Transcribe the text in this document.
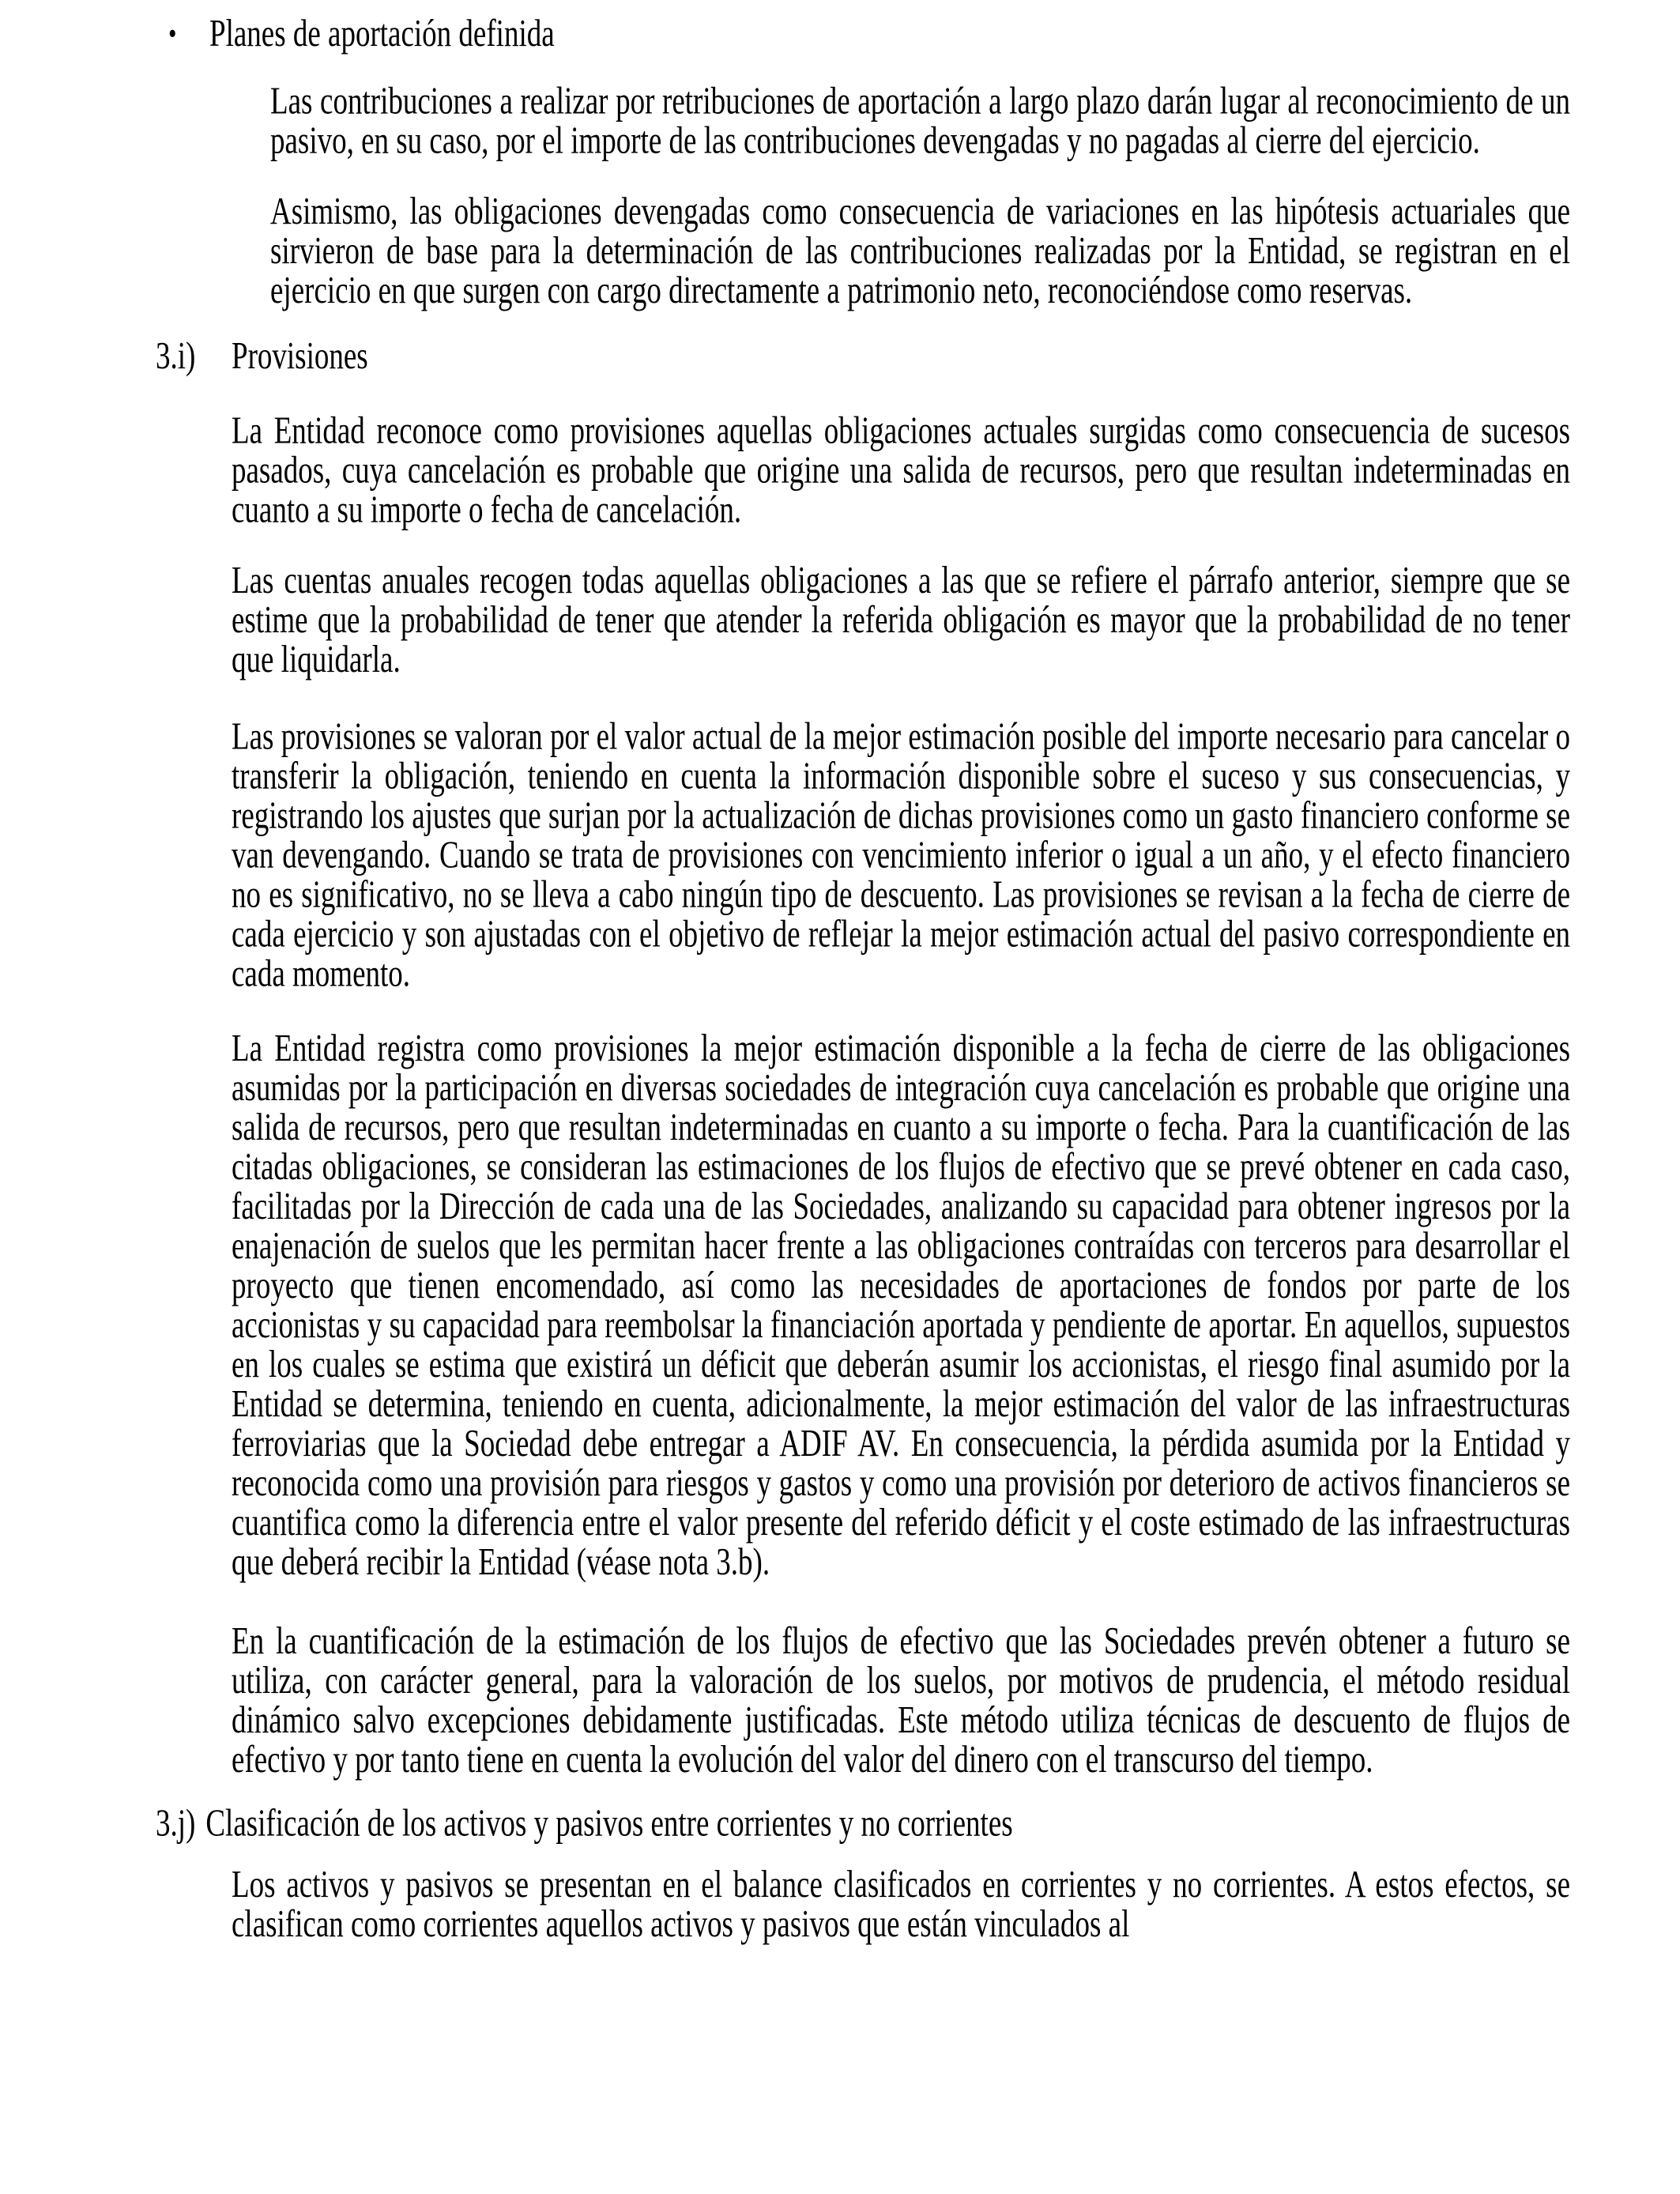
•	Planes de aportación definida

Las contribuciones a realizar por retribuciones de aportación a largo plazo darán lugar al reconocimiento de un pasivo, en su caso, por el importe de las contribuciones devengadas y no pagadas al cierre del ejercicio.

Asimismo, las obligaciones devengadas como consecuencia de variaciones en las hipótesis actuariales que sirvieron de base para la determinación de las contribuciones realizadas por la Entidad, se registran en el ejercicio en que surgen con cargo directamente a patrimonio neto, reconociéndose como reservas.

3.i) Provisiones

La Entidad reconoce como provisiones aquellas obligaciones actuales surgidas como consecuencia de sucesos pasados, cuya cancelación es probable que origine una salida de recursos, pero que resultan indeterminadas en cuanto a su importe o fecha de cancelación.

Las cuentas anuales recogen todas aquellas obligaciones a las que se refiere el párrafo anterior, siempre que se estime que la probabilidad de tener que atender la referida obligación es mayor que la probabilidad de no tener que liquidarla.

Las provisiones se valoran por el valor actual de la mejor estimación posible del importe necesario para cancelar o transferir la obligación, teniendo en cuenta la información disponible sobre el suceso y sus consecuencias, y registrando los ajustes que surjan por la actualización de dichas provisiones como un gasto financiero conforme se van devengando. Cuando se trata de provisiones con vencimiento inferior o igual a un año, y el efecto financiero no es significativo, no se lleva a cabo ningún tipo de descuento. Las provisiones se revisan a la fecha de cierre de cada ejercicio y son ajustadas con el objetivo de reflejar la mejor estimación actual del pasivo correspondiente en cada momento.

La Entidad registra como provisiones la mejor estimación disponible a la fecha de cierre de las obligaciones asumidas por la participación en diversas sociedades de integración cuya cancelación es probable que origine una salida de recursos, pero que resultan indeterminadas en cuanto a su importe o fecha. Para la cuantificación de las citadas obligaciones, se consideran las estimaciones de los flujos de efectivo que se prevé obtener en cada caso, facilitadas por la Dirección de cada una de las Sociedades, analizando su capacidad para obtener ingresos por la enajenación de suelos que les permitan hacer frente a las obligaciones contraídas con terceros para desarrollar el proyecto que tienen encomendado, así como las necesidades de aportaciones de fondos por parte de los accionistas y su capacidad para reembolsar la financiación aportada y pendiente de aportar. En aquellos, supuestos en los cuales se estima que existirá un déficit que deberán asumir los accionistas, el riesgo final asumido por la Entidad se determina, teniendo en cuenta, adicionalmente, la mejor estimación del valor de las infraestructuras ferroviarias que la Sociedad debe entregar a ADIF AV. En consecuencia, la pérdida asumida por la Entidad y reconocida como una provisión para riesgos y gastos y como una provisión por deterioro de activos financieros se cuantifica como la diferencia entre el valor presente del referido déficit y el coste estimado de las infraestructuras que deberá recibir la Entidad (véase nota 3.b).

En la cuantificación de la estimación de los flujos de efectivo que las Sociedades prevén obtener a futuro se utiliza, con carácter general, para la valoración de los suelos, por motivos de prudencia, el método residual dinámico salvo excepciones debidamente justificadas. Este método utiliza técnicas de descuento de flujos de efectivo y por tanto tiene en cuenta la evolución del valor del dinero con el transcurso del tiempo.

3.j) Clasificación de los activos y pasivos entre corrientes y no corrientes

Los activos y pasivos se presentan en el balance clasificados en corrientes y no corrientes. A estos efectos, se clasifican como corrientes aquellos activos y pasivos que están vinculados al
